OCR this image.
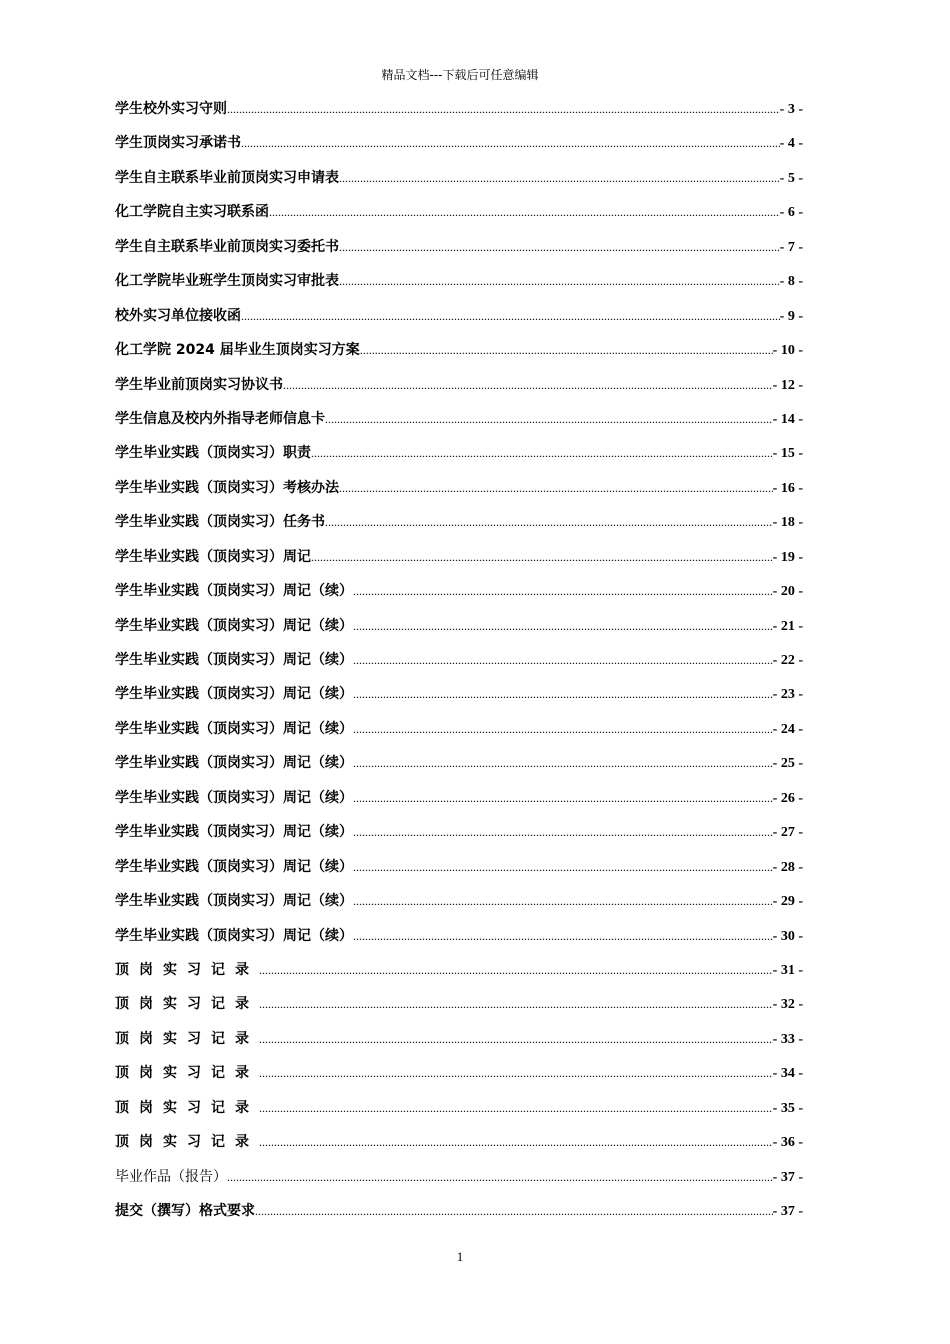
精品文档---下载后可任意编辑
学生校外实习守则 .....	- 3 -
学生顶岗实习承诺书 .....	- 4 -
学生自主联系毕业前顶岗实习申请表 .....	- 5 -
化工学院自主实习联系函 .....	- 6 -
学生自主联系毕业前顶岗实习委托书 .....	- 7 -
化工学院毕业班学生顶岗实习审批表 .....	- 8 -
校外实习单位接收函 .....	- 9 -
化工学院 2024 届毕业生顶岗实习方案 .....	- 10 -
学生毕业前顶岗实习协议书 .....	- 12 -
学生信息及校内外指导老师信息卡 .....	- 14 -
学生毕业实践（顶岗实习）职责 .....	- 15 -
学生毕业实践（顶岗实习）考核办法 .....	- 16 -
学生毕业实践（顶岗实习）任务书 .....	- 18 -
学生毕业实践（顶岗实习）周记 .....	- 19 -
学生毕业实践（顶岗实习）周记（续） .....	- 20 -
学生毕业实践（顶岗实习）周记（续） .....	- 21 -
学生毕业实践（顶岗实习）周记（续） .....	- 22 -
学生毕业实践（顶岗实习）周记（续） .....	- 23 -
学生毕业实践（顶岗实习）周记（续） .....	- 24 -
学生毕业实践（顶岗实习）周记（续） .....	- 25 -
学生毕业实践（顶岗实习）周记（续） .....	- 26 -
学生毕业实践（顶岗实习）周记（续） .....	- 27 -
学生毕业实践（顶岗实习）周记（续） .....	- 28 -
学生毕业实践（顶岗实习）周记（续） .....	- 29 -
学生毕业实践（顶岗实习）周记（续） .....	- 30 -
顶岗实习记录 .....	- 31 -
顶岗实习记录 .....	- 32 -
顶岗实习记录 .....	- 33 -
顶岗实习记录 .....	- 34 -
顶岗实习记录 .....	- 35 -
顶岗实习记录 .....	- 36 -
毕业作品（报告） .....	- 37 -
提交（撰写）格式要求 .....	- 37 -
1
